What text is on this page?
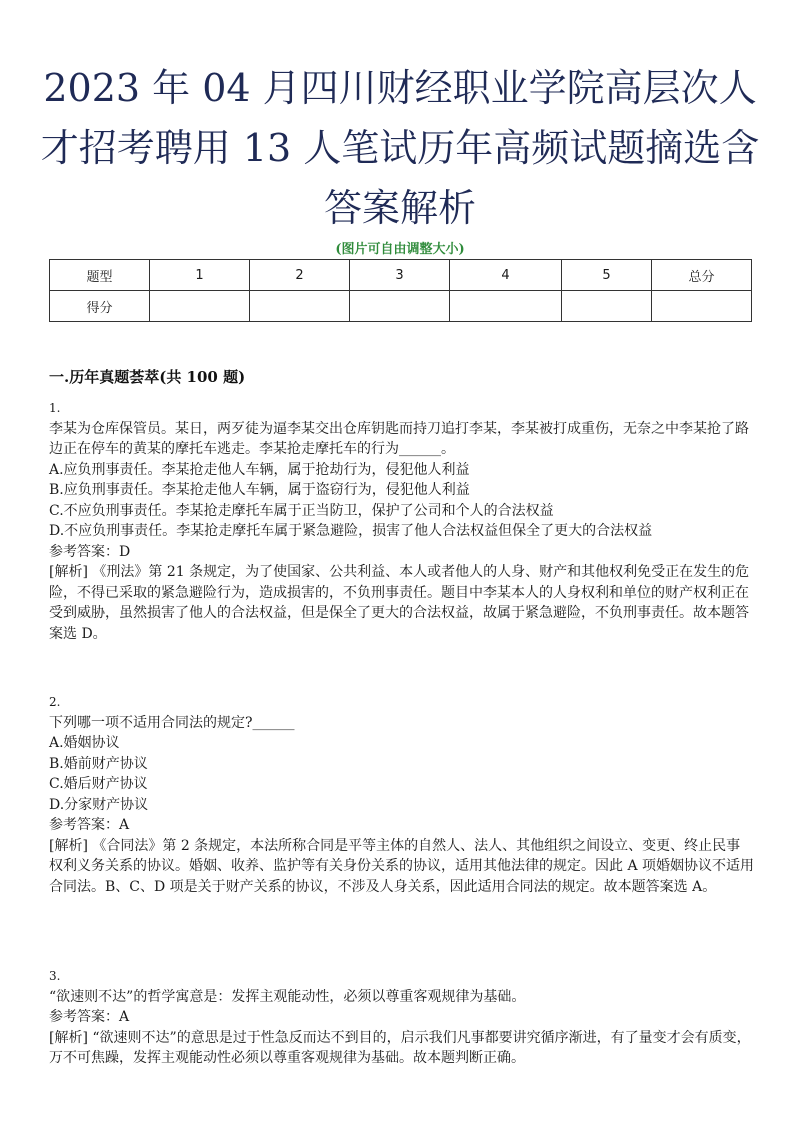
2023 年 04 月四川财经职业学院高层次人
才招考聘用 13 人笔试历年高频试题摘选含
答案解析
(图片可自由调整大小)
题型	1	2	3	4	5	总分
得分						
一.历年真题荟萃(共 100 题)

1.

李某为仓库保管员。某日，两歹徒为逼李某交出仓库钥匙而持刀追打李某，李某被打成重伤，无奈之中李某抢了路边正在停车的黄某的摩托车逃走。李某抢走摩托车的行为______。

A.应负刑事责任。李某抢走他人车辆，属于抢劫行为，侵犯他人利益

B.应负刑事责任。李某抢走他人车辆，属于盗窃行为，侵犯他人利益

C.不应负刑事责任。李某抢走摩托车属于正当防卫，保护了公司和个人的合法权益

D.不应负刑事责任。李某抢走摩托车属于紧急避险，损害了他人合法权益但保全了更大的合法权益

参考答案：D

[解析] 《刑法》第 21 条规定，为了使国家、公共利益、本人或者他人的人身、财产和其他权利免受正在发生的危险，不得已采取的紧急避险行为，造成损害的，不负刑事责任。题目中李某本人的人身权利和单位的财产权利正在受到威胁，虽然损害了他人的合法权益，但是保全了更大的合法权益，故属于紧急避险，不负刑事责任。故本题答案选 D。

2.

下列哪一项不适用合同法的规定?______

A.婚姻协议

B.婚前财产协议

C.婚后财产协议

D.分家财产协议

参考答案：A

[解析] 《合同法》第 2 条规定，本法所称合同是平等主体的自然人、法人、其他组织之间设立、变更、终止民事权利义务关系的协议。婚姻、收养、监护等有关身份关系的协议，适用其他法律的规定。因此 A 项婚姻协议不适用合同法。B、C、D 项是关于财产关系的协议，不涉及人身关系，因此适用合同法的规定。故本题答案选 A。

3.

“欲速则不达”的哲学寓意是：发挥主观能动性，必须以尊重客观规律为基础。

参考答案：A

[解析] “欲速则不达”的意思是过于性急反而达不到目的，启示我们凡事都要讲究循序渐进，有了量变才会有质变，万不可焦躁，发挥主观能动性必须以尊重客观规律为基础。故本题判断正确。
